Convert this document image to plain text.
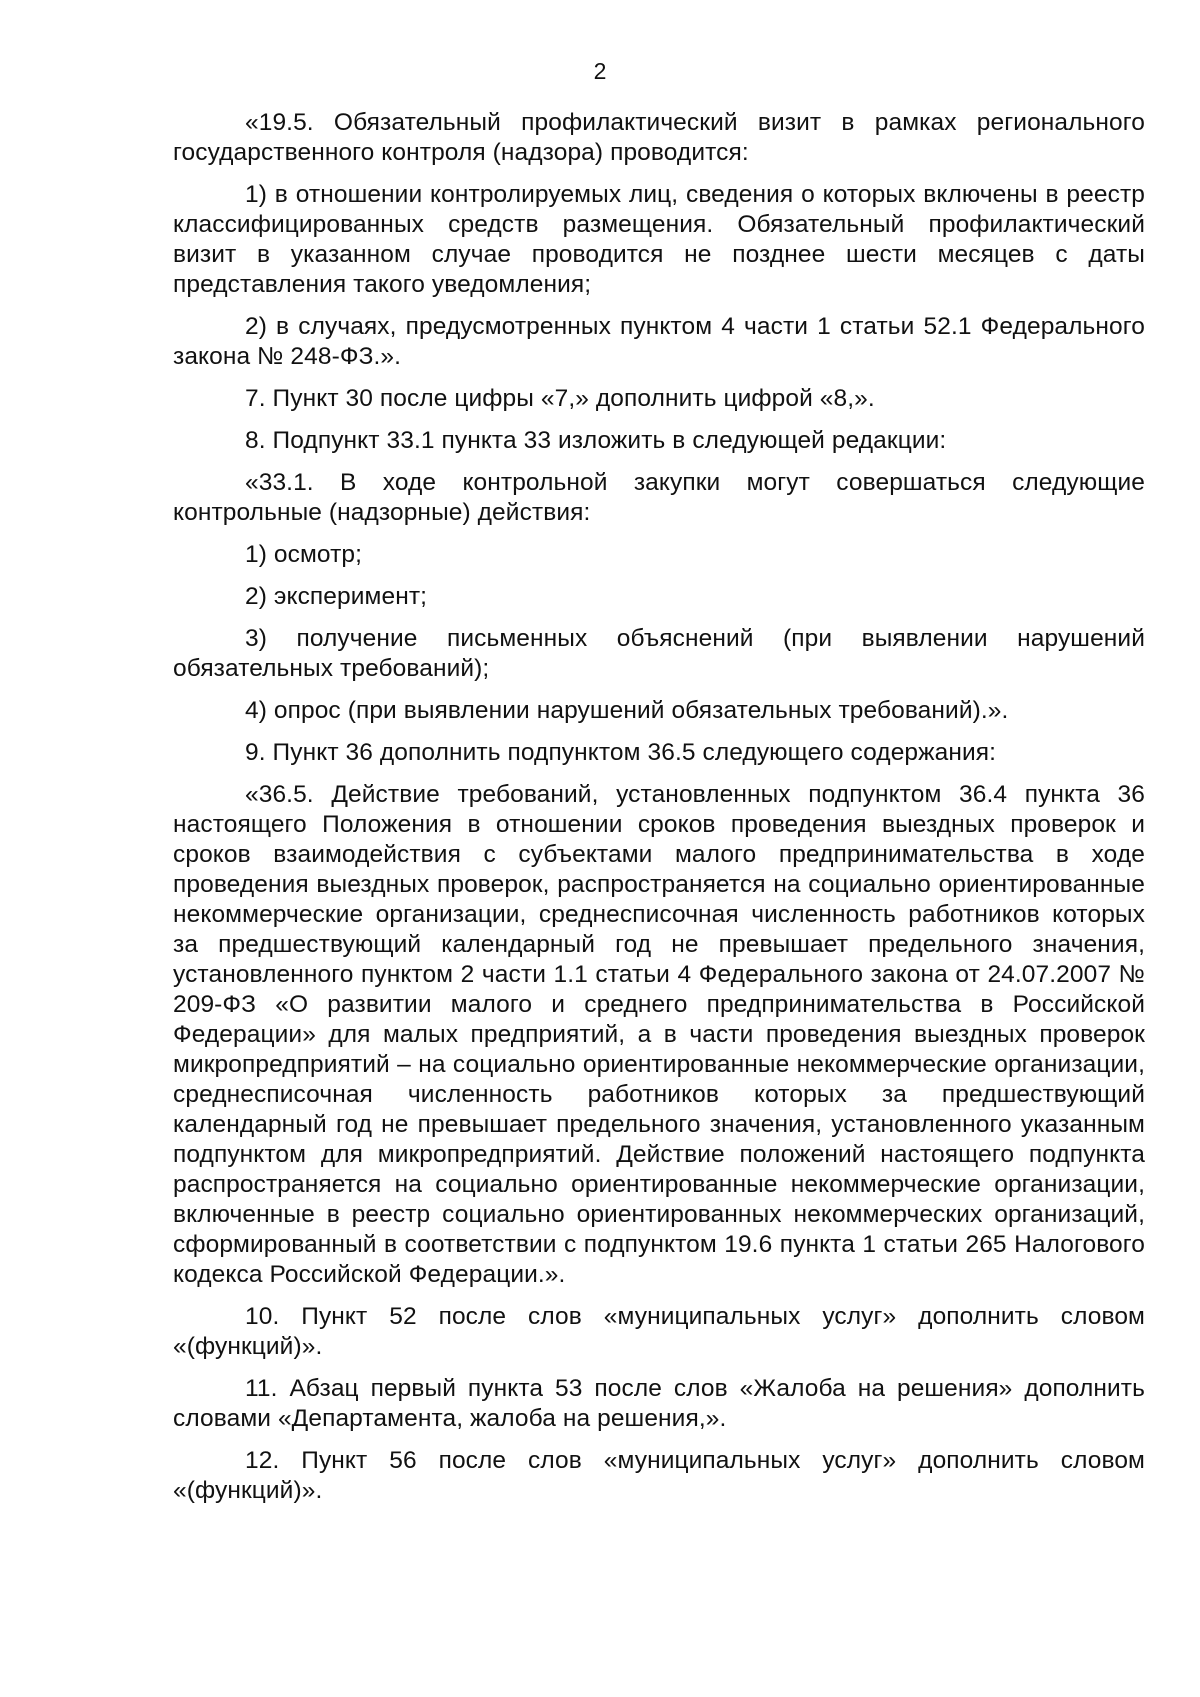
2

«19.5. Обязательный профилактический визит в рамках регионального государственного контроля (надзора) проводится:

1) в отношении контролируемых лиц, сведения о которых включены в реестр классифицированных средств размещения. Обязательный профилактический визит в указанном случае проводится не позднее шести месяцев с даты представления такого уведомления;

2) в случаях, предусмотренных пунктом 4 части 1 статьи 52.1 Федерального закона № 248-ФЗ.».

7. Пункт 30 после цифры «7,» дополнить цифрой «8,».

8. Подпункт 33.1 пункта 33 изложить в следующей редакции:

«33.1. В ходе контрольной закупки могут совершаться следующие контрольные (надзорные) действия:

1) осмотр;

2) эксперимент;

3) получение письменных объяснений (при выявлении нарушений обязательных требований);

4) опрос (при выявлении нарушений обязательных требований).».

9. Пункт 36 дополнить подпунктом 36.5 следующего содержания:

«36.5. Действие требований, установленных подпунктом 36.4 пункта 36 настоящего Положения в отношении сроков проведения выездных проверок и сроков взаимодействия с субъектами малого предпринимательства в ходе проведения выездных проверок, распространяется на социально ориентированные некоммерческие организации, среднесписочная численность работников которых за предшествующий календарный год не превышает предельного значения, установленного пунктом 2 части 1.1 статьи 4 Федерального закона от 24.07.2007 № 209-ФЗ «О развитии малого и среднего предпринимательства в Российской Федерации» для малых предприятий, а в части проведения выездных проверок микропредприятий – на социально ориентированные некоммерческие организации, среднесписочная численность работников которых за предшествующий календарный год не превышает предельного значения, установленного указанным подпунктом для микропредприятий. Действие положений настоящего подпункта распространяется на социально ориентированные некоммерческие организации, включенные в реестр социально ориентированных некоммерческих организаций, сформированный в соответствии с подпунктом 19.6 пункта 1 статьи 265 Налогового кодекса Российской Федерации.».

10. Пункт 52 после слов «муниципальных услуг» дополнить словом «(функций)».

11. Абзац первый пункта 53 после слов «Жалоба на решения» дополнить словами «Департамента, жалоба на решения,».

12. Пункт 56 после слов «муниципальных услуг» дополнить словом «(функций)».
